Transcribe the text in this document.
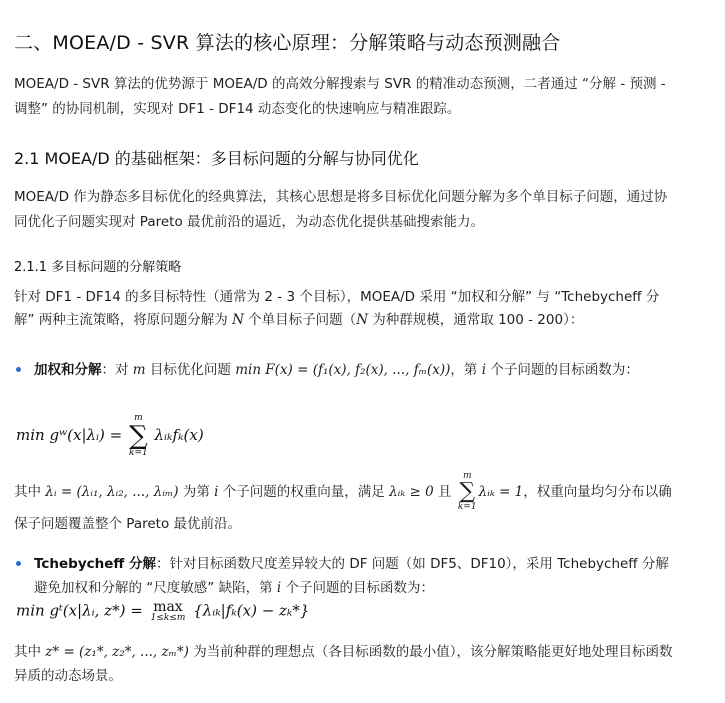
二、MOEA/D - SVR 算法的核心原理：分解策略与动态预测融合

MOEA/D - SVR 算法的优势源于 MOEA/D 的高效分解搜索与 SVR 的精准动态预测，二者通过 “分解 - 预测 - 调整” 的协同机制，实现对 DF1 - DF14 动态变化的快速响应与精准跟踪。

2.1 MOEA/D 的基础框架：多目标问题的分解与协同优化

MOEA/D 作为静态多目标优化的经典算法，其核心思想是将多目标优化问题分解为多个单目标子问题，通过协同优化子问题实现对 Pareto 最优前沿的逼近，为动态优化提供基础搜索能力。

2.1.1 多目标问题的分解策略

针对 DF1 - DF14 的多目标特性（通常为 2 - 3 个目标），MOEA/D 采用 “加权和分解” 与 “Tchebycheff 分解” 两种主流策略，将原问题分解为 N 个单目标子问题（N 为种群规模，通常取 100 - 200）：

加权和分解：对 m 目标优化问题 min F(x) = (f₁(x), f₂(x), ..., fₘ(x))，第 i 个子问题的目标函数为：
min gʷ(x|λᵢ) =
m
∑
k=1
λᵢₖfₖ(x)
其中 λᵢ = (λᵢ₁, λᵢ₂, ..., λᵢₘ) 为第 i 个子问题的权重向量，满足 λᵢₖ ≥ 0 且
m
∑
k=1
λᵢₖ = 1，权重向量均匀分布以确保子问题覆盖整个 Pareto 最优前沿。
Tchebycheff 分解：针对目标函数尺度差异较大的 DF 问题（如 DF5、DF10），采用 Tchebycheff 分解避免加权和分解的 “尺度敏感” 缺陷，第 i 个子问题的目标函数为：
min gᵗ(x|λᵢ, z*) = max
1≤k≤m {λᵢₖ|fₖ(x) − zₖ*}
其中 z* = (z₁*, z₂*, ..., zₘ*) 为当前种群的理想点（各目标函数的最小值），该分解策略能更好地处理目标函数异质的动态场景。
